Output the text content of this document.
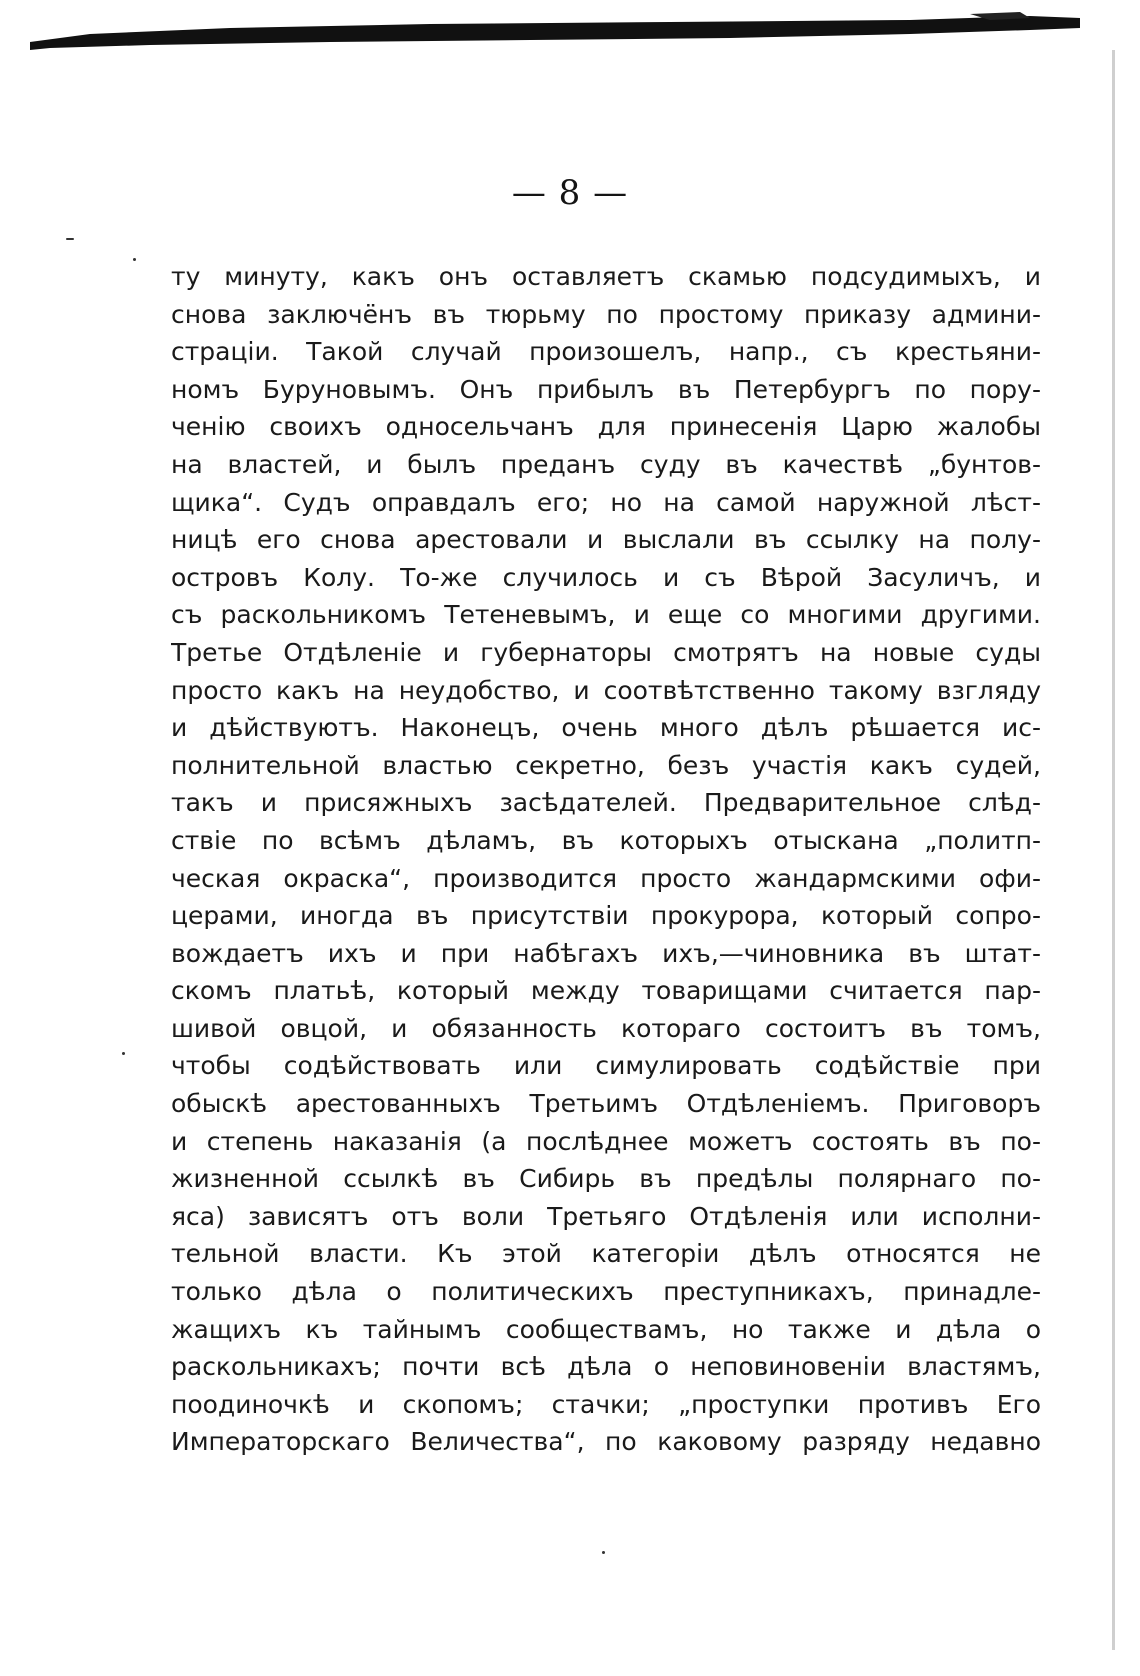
— 8 —
ту минуту, какъ онъ оставляетъ скамью подсудимыхъ, и
снова заключёнъ въ тюрьму по простому приказу админи-
страціи. Такой случай произошелъ, напр., съ крестьяни-
номъ Буруновымъ. Онъ прибылъ въ Петербургъ по пору-
ченію своихъ односельчанъ для принесенія Царю жалобы
на властей, и былъ преданъ суду въ качествѣ „бунтов-
щика“. Судъ оправдалъ его; но на самой наружной лѣст-
ницѣ его снова арестовали и выслали въ ссылку на полу-
островъ Колу. То-же случилось и съ Вѣрой Засуличъ, и
съ раскольникомъ Тетеневымъ, и еще со многими другими.
Третье Отдѣленіе и губернаторы смотрятъ на новые суды
просто какъ на неудобство, и соотвѣтственно такому взгляду
и дѣйствуютъ. Наконецъ, очень много дѣлъ рѣшается ис-
полнительной властью секретно, безъ участія какъ судей,
такъ и присяжныхъ засѣдателей. Предварительное слѣд-
ствіе по всѣмъ дѣламъ, въ которыхъ отыскана „политп-
ческая окраска“, производится просто жандармскими офи-
церами, иногда въ присутствіи прокурора, который сопро-
вождаетъ ихъ и при набѣгахъ ихъ,—чиновника въ штат-
скомъ платьѣ, который между товарищами считается пар-
шивой овцой, и обязанность котораго состоитъ въ томъ,
чтобы содѣйствовать или симулировать содѣйствіе при
обыскѣ арестованныхъ Третьимъ Отдѣленіемъ. Приговоръ
и степень наказанія (а послѣднее можетъ состоять въ по-
жизненной ссылкѣ въ Сибирь въ предѣлы полярнаго по-
яса) зависятъ отъ воли Третьяго Отдѣленія или исполни-
тельной власти. Къ этой категоріи дѣлъ относятся не
только дѣла о политическихъ преступникахъ, принадле-
жащихъ къ тайнымъ сообществамъ, но также и дѣла о
раскольникахъ; почти всѣ дѣла о неповиновеніи властямъ,
поодиночкѣ и скопомъ; стачки; „проступки противъ Его
Императорскаго Величества“, по каковому разряду недавно
